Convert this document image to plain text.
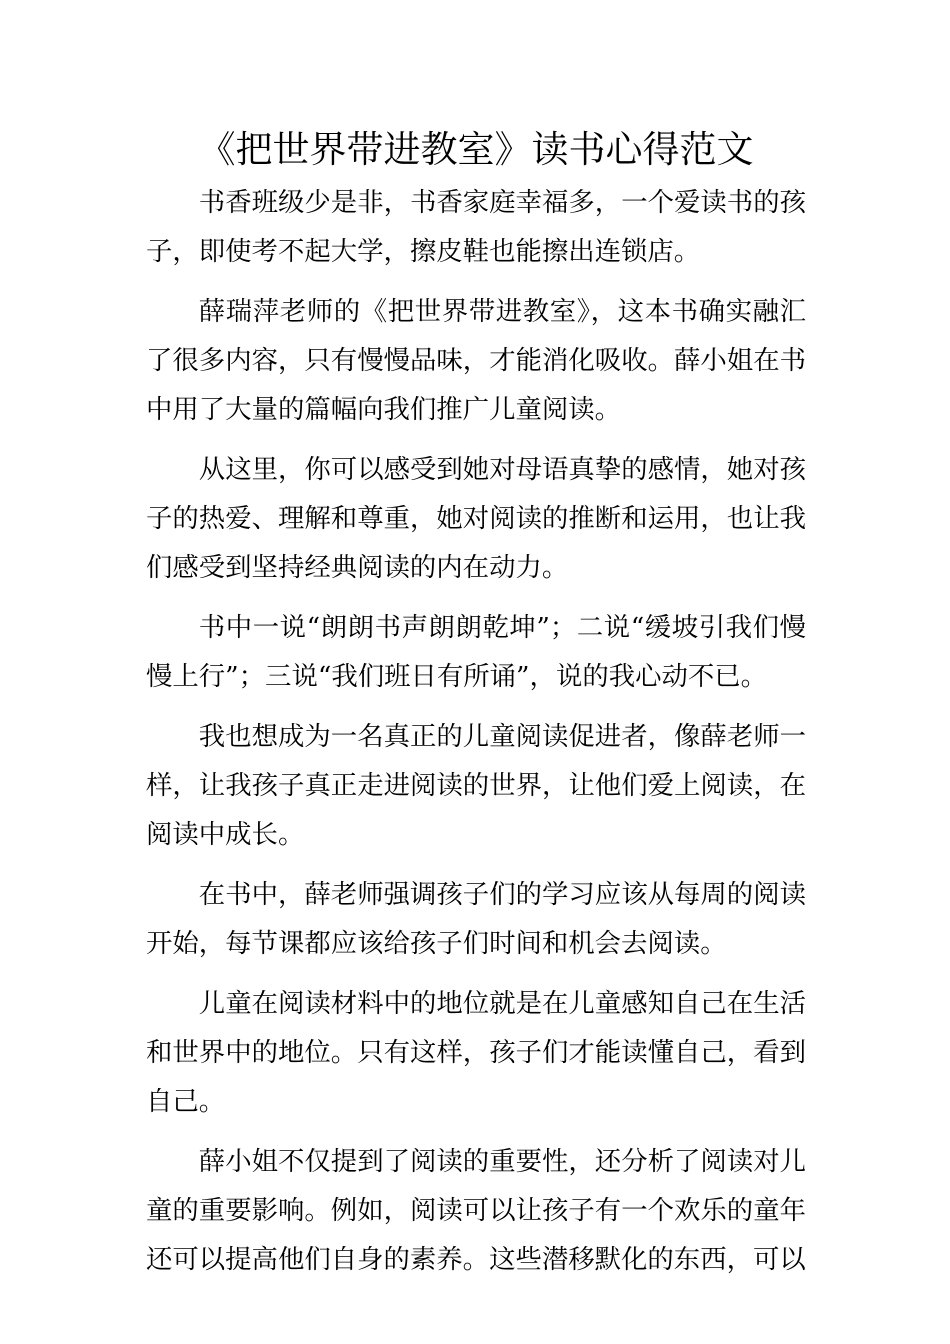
《把世界带进教室》读书心得范文

书香班级少是非，书香家庭幸福多，一个爱读书的孩子，即使考不起大学，擦皮鞋也能擦出连锁店。

薛瑞萍老师的《把世界带进教室》，这本书确实融汇了很多内容，只有慢慢品味，才能消化吸收。薛小姐在书中用了大量的篇幅向我们推广儿童阅读。

从这里，你可以感受到她对母语真挚的感情，她对孩子的热爱、理解和尊重，她对阅读的推断和运用，也让我们感受到坚持经典阅读的内在动力。

书中一说“朗朗书声朗朗乾坤”；二说“缓坡引我们慢慢上行”；三说“我们班日有所诵”，说的我心动不已。

我也想成为一名真正的儿童阅读促进者，像薛老师一样，让我孩子真正走进阅读的世界，让他们爱上阅读，在阅读中成长。

在书中，薛老师强调孩子们的学习应该从每周的阅读开始，每节课都应该给孩子们时间和机会去阅读。

儿童在阅读材料中的地位就是在儿童感知自己在生活和世界中的地位。只有这样，孩子们才能读懂自己，看到自己。

薛小姐不仅提到了阅读的重要性，还分析了阅读对儿童的重要影响。例如，阅读可以让孩子有一个欢乐的童年还可以提高他们自身的素养。这些潜移默化的东西，可以
